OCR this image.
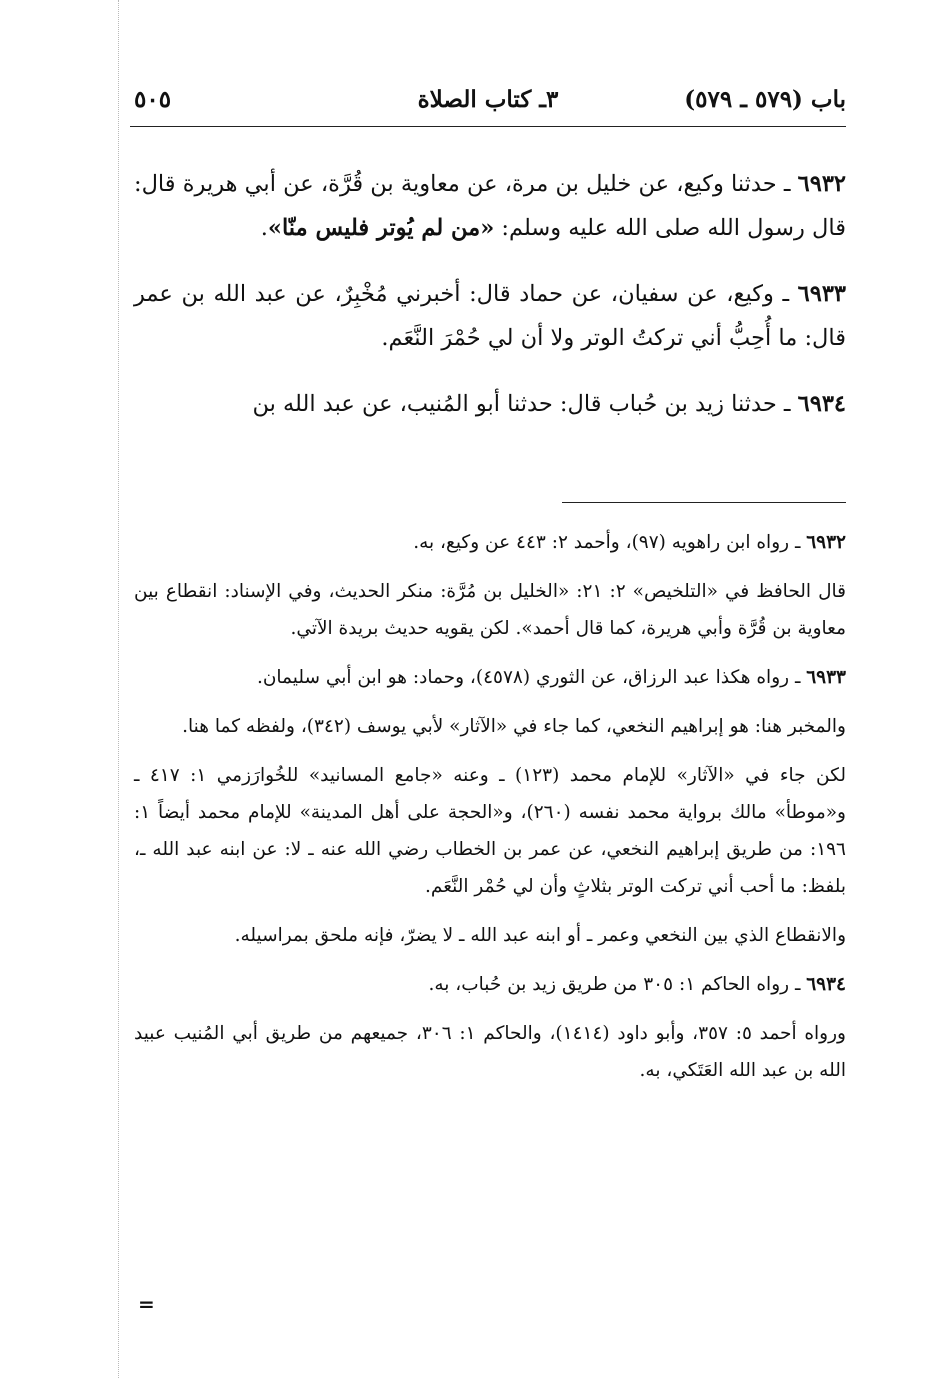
باب (٥٧٩ ـ ٥٧٩)
٣ـ كتاب الصلاة
٥٠٥

٦٩٣٢ ـ حدثنا وكيع، عن خليل بن مرة، عن معاوية بن قُرَّة، عن أبي هريرة قال: قال رسول الله صلى الله عليه وسلم: «من لم يُوتر فليس منّا».

٦٩٣٣ ـ وكيع، عن سفيان، عن حماد قال: أخبرني مُخْبِرٌ، عن عبد الله بن عمر قال: ما أُحِبُّ أني تركتُ الوتر ولا أن لي حُمْرَ النَّعَم.

٦٩٣٤ ـ حدثنا زيد بن حُباب قال: حدثنا أبو المُنيب، عن عبد الله بن

٦٩٣٢ ـ رواه ابن راهويه (٩٧)، وأحمد ٢: ٤٤٣ عن وكيع، به.

قال الحافظ في «التلخيص» ٢: ٢١: «الخليل بن مُرَّة: منكر الحديث، وفي الإسناد: انقطاع بين معاوية بن قُرَّة وأبي هريرة، كما قال أحمد». لكن يقويه حديث بريدة الآتي.

٦٩٣٣ ـ رواه هكذا عبد الرزاق، عن الثوري (٤٥٧٨)، وحماد: هو ابن أبي سليمان.

والمخبر هنا: هو إبراهيم النخعي، كما جاء في «الآثار» لأبي يوسف (٣٤٢)، ولفظه كما هنا.

لكن جاء في «الآثار» للإمام محمد (١٢٣) ـ وعنه «جامع المسانيد» للخُوارَزمي ١: ٤١٧ ـ و«موطأ» مالك برواية محمد نفسه (٢٦٠)، و«الحجة على أهل المدينة» للإمام محمد أيضاً ١: ١٩٦: من طريق إبراهيم النخعي، عن عمر بن الخطاب رضي الله عنه ـ لا: عن ابنه عبد الله ـ، بلفظ: ما أحب أني تركت الوتر بثلاثٍ وأن لي حُمْر النَّعَم.

والانقطاع الذي بين النخعي وعمر ـ أو ابنه عبد الله ـ لا يضرّ، فإنه ملحق بمراسيله.

٦٩٣٤ ـ رواه الحاكم ١: ٣٠٥ من طريق زيد بن حُباب، به.

ورواه أحمد ٥: ٣٥٧، وأبو داود (١٤١٤)، والحاكم ١: ٣٠٦، جميعهم من طريق أبي المُنيب عبيد الله بن عبد الله العَتَكي، به.

=
